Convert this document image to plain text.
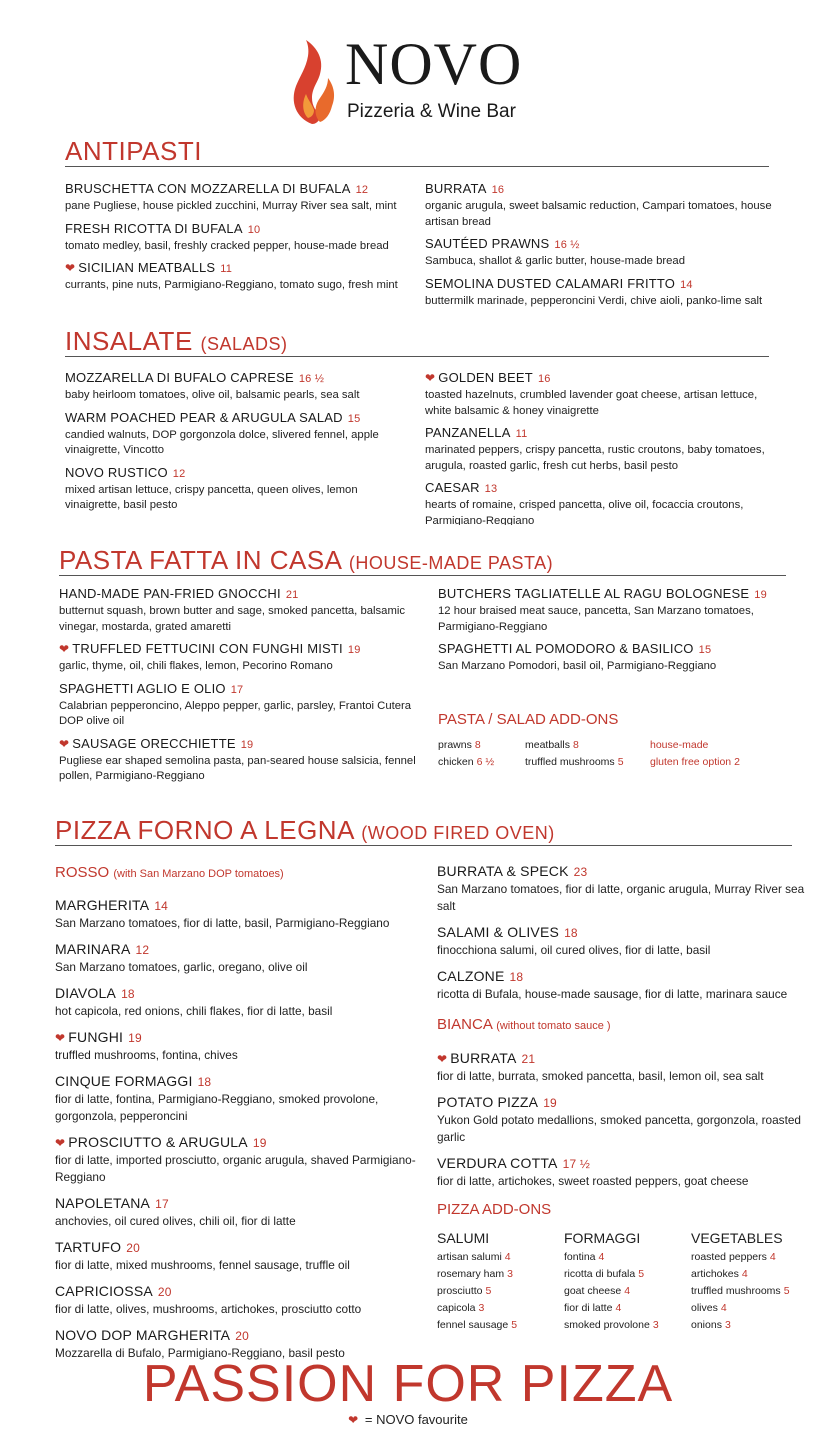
NOVO
Pizzeria & Wine Bar
ANTIPASTI
BRUSCHETTA CON MOZZARELLA DI BUFALA 12
pane Pugliese, house pickled zucchini, Murray River sea salt, mint
FRESH RICOTTA DI BUFALA 10
tomato medley, basil, freshly cracked pepper, house-made bread
❤ SICILIAN MEATBALLS 11
currants, pine nuts, Parmigiano-Reggiano, tomato sugo, fresh mint
BURRATA 16
organic arugula, sweet balsamic reduction, Campari tomatoes, house artisan bread
SAUTÉED PRAWNS 16 ½
Sambuca, shallot & garlic butter, house-made bread
SEMOLINA DUSTED CALAMARI FRITTO 14
buttermilk marinade, pepperoncini Verdi, chive aioli, panko-lime salt
INSALATE (SALADS)
MOZZARELLA DI BUFALO CAPRESE 16 ½
baby heirloom tomatoes, olive oil, balsamic pearls, sea salt
WARM POACHED PEAR & ARUGULA SALAD 15
candied walnuts, DOP gorgonzola dolce, slivered fennel, apple vinaigrette, Vincotto
NOVO RUSTICO 12
mixed artisan lettuce, crispy pancetta, queen olives, lemon vinaigrette, basil pesto
❤ GOLDEN BEET 16
toasted hazelnuts, crumbled lavender goat cheese, artisan lettuce, white balsamic & honey vinaigrette
PANZANELLA 11
marinated peppers, crispy pancetta, rustic croutons, baby tomatoes, arugula, roasted garlic, fresh cut herbs, basil pesto
CAESAR 13
hearts of romaine, crisped pancetta, olive oil, focaccia croutons, Parmigiano-Reggiano
PASTA FATTA IN CASA (HOUSE-MADE PASTA)
HAND-MADE PAN-FRIED GNOCCHI 21
butternut squash, brown butter and sage, smoked pancetta, balsamic vinegar, mostarda, grated amaretti
❤ TRUFFLED FETTUCINI CON FUNGHI MISTI 19
garlic, thyme, oil, chili flakes, lemon, Pecorino Romano
SPAGHETTI AGLIO E OLIO 17
Calabrian pepperoncino, Aleppo pepper, garlic, parsley, Frantoi Cutera DOP olive oil
❤ SAUSAGE ORECCHIETTE 19
Pugliese ear shaped semolina pasta, pan-seared house salsicia, fennel pollen, Parmigiano-Reggiano
BUTCHERS TAGLIATELLE AL RAGU BOLOGNESE 19
12 hour braised meat sauce, pancetta, San Marzano tomatoes, Parmigiano-Reggiano
SPAGHETTI AL POMODORO & BASILICO 15
San Marzano Pomodori, basil oil, Parmigiano-Reggiano
PASTA / SALAD ADD-ONS
prawns 8	meatballs 8	house-made
chicken 6 ½	truffled mushrooms 5	gluten free option 2
PIZZA FORNO A LEGNA (WOOD FIRED OVEN)
ROSSO (with San Marzano DOP tomatoes)
MARGHERITA 14
San Marzano tomatoes, fior di latte, basil, Parmigiano-Reggiano
MARINARA 12
San Marzano tomatoes, garlic, oregano, olive oil
DIAVOLA 18
hot capicola, red onions, chili flakes, fior di latte, basil
❤ FUNGHI 19
truffled mushrooms, fontina, chives
CINQUE FORMAGGI 18
fior di latte, fontina, Parmigiano-Reggiano, smoked provolone, gorgonzola, pepperoncini
❤ PROSCIUTTO & ARUGULA 19
fior di latte, imported prosciutto, organic arugula, shaved Parmigiano-Reggiano
NAPOLETANA 17
anchovies, oil cured olives, chili oil, fior di latte
TARTUFO 20
fior di latte, mixed mushrooms, fennel sausage, truffle oil
CAPRICIOSSA 20
fior di latte, olives, mushrooms, artichokes, prosciutto cotto
NOVO DOP MARGHERITA 20
Mozzarella di Bufalo, Parmigiano-Reggiano, basil pesto
BURRATA & SPECK 23
San Marzano tomatoes, fior di latte, organic arugula, Murray River sea salt
SALAMI & OLIVES 18
finocchiona salumi, oil cured olives, fior di latte, basil
CALZONE 18
ricotta di Bufala, house-made sausage, fior di latte, marinara sauce
BIANCA (without tomato sauce )
❤ BURRATA 21
fior di latte, burrata, smoked pancetta, basil, lemon oil, sea salt
POTATO PIZZA 19
Yukon Gold potato medallions, smoked pancetta, gorgonzola, roasted garlic
VERDURA COTTA 17 ½
fior di latte, artichokes, sweet roasted peppers, goat cheese
PIZZA ADD-ONS
SALUMI
artisan salumi 4
rosemary ham 3
prosciutto 5
capicola 3
fennel sausage 5
FORMAGGI
fontina 4
ricotta di bufala 5
goat cheese 4
fior di latte 4
smoked provolone 3
VEGETABLES
roasted peppers 4
artichokes 4
truffled mushrooms 5
olives 4
onions 3
PASSION FOR PIZZA
❤ = NOVO favourite
